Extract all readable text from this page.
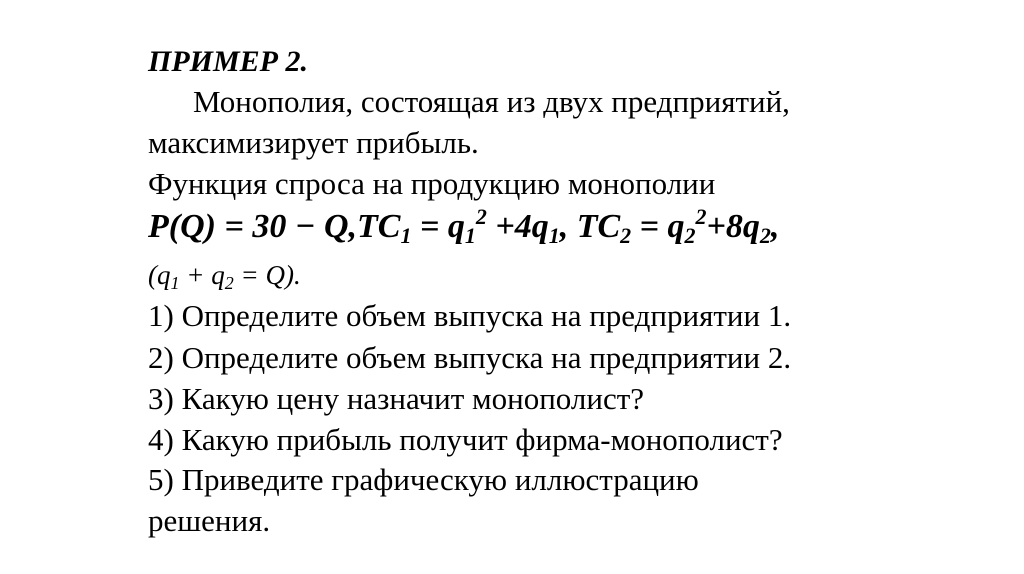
ПРИМЕР 2.
Монополия, состоящая из двух предприятий,
максимизирует прибыль.
Функция спроса на продукцию монополии
$P(Q) = 30 - Q,TC_1 = q_1^2 +4q_1$, $TC_2 = q_2^2+8q_2$,
$(q_1 + q_2 = Q)$.
1) Определите объем выпуска на предприятии 1.
2) Определите объем выпуска на предприятии 2.
3) Какую цену назначит монополист?
4) Какую прибыль получит фирма-монополист?
5) Приведите графическую иллюстрацию
решения.
